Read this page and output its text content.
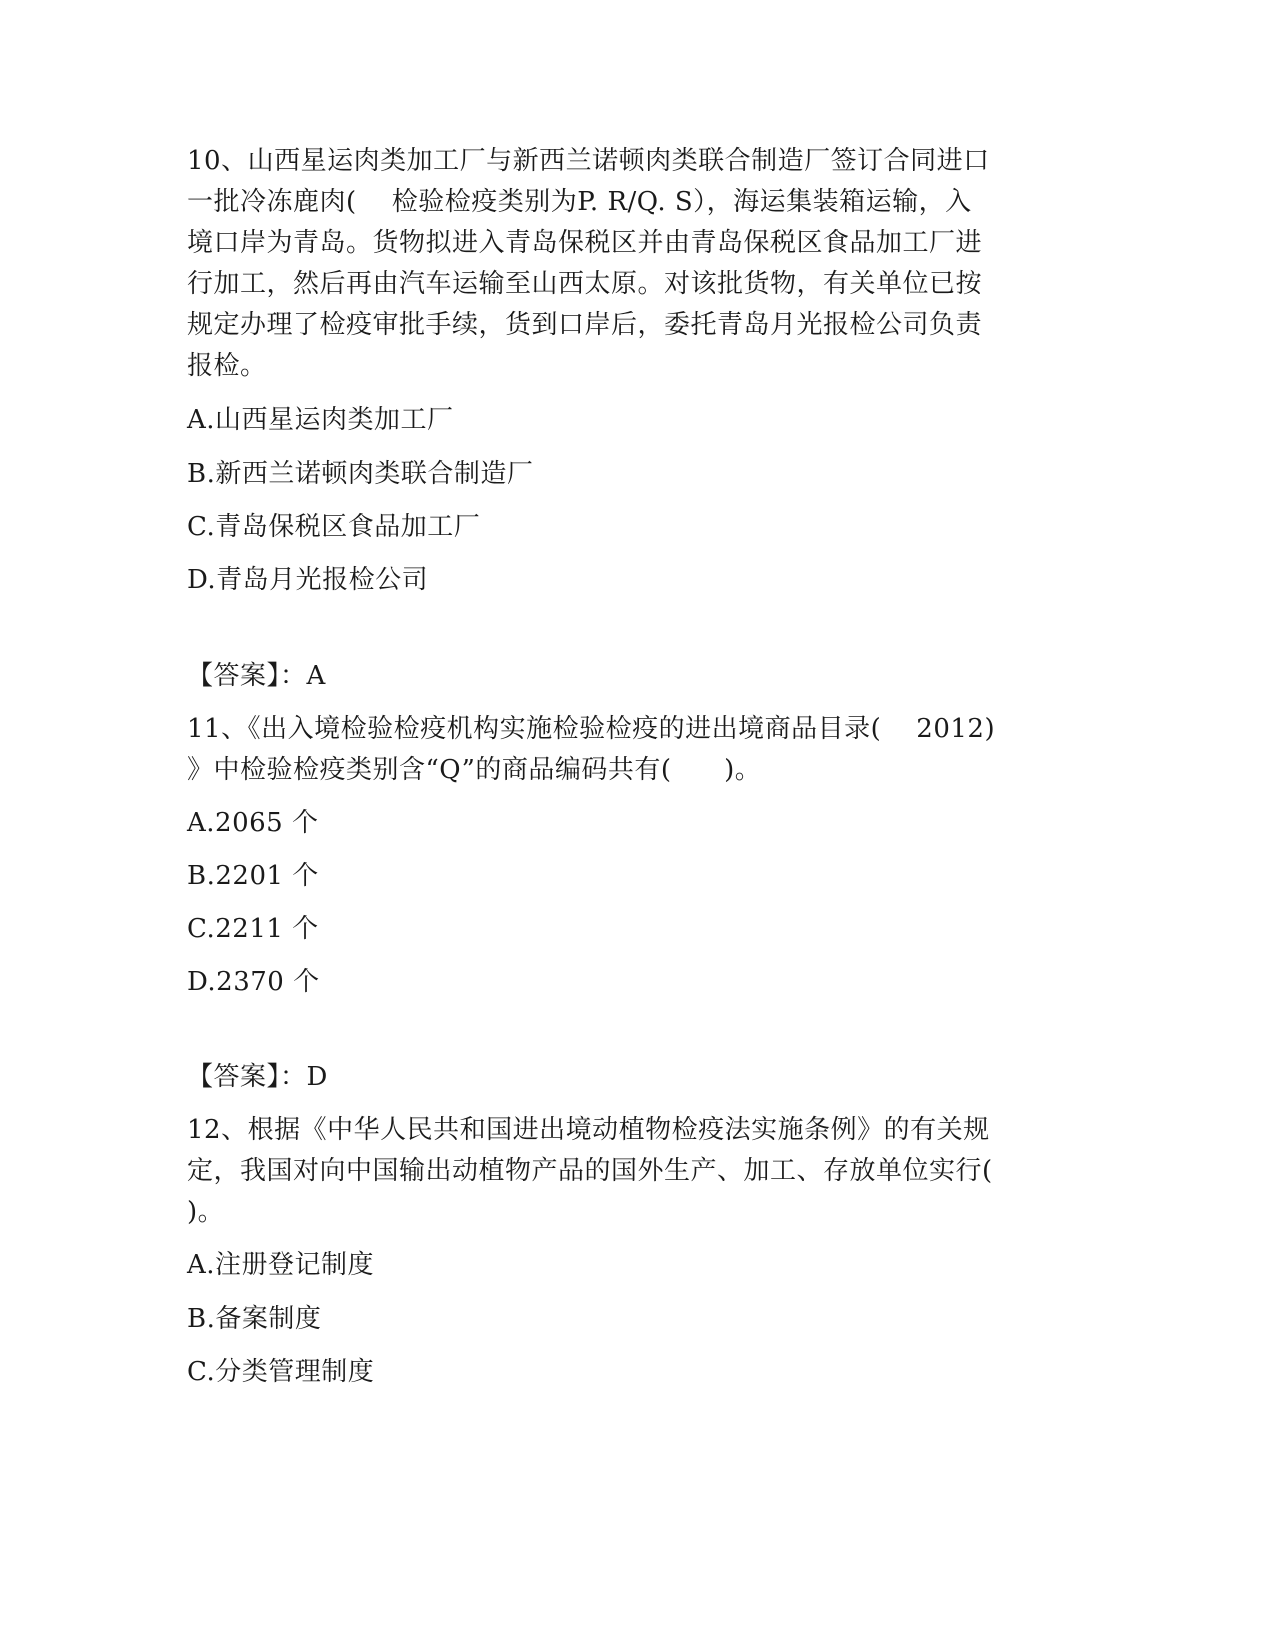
10、山西星运肉类加工厂与新西兰诺顿肉类联合制造厂签订合同进口
一批冷冻鹿肉(    检验检疫类别为P. R/Q. S），海运集装箱运输，入
境口岸为青岛。货物拟进入青岛保税区并由青岛保税区食品加工厂进
行加工，然后再由汽车运输至山西太原。对该批货物，有关单位已按
规定办理了检疫审批手续，货到口岸后，委托青岛月光报检公司负责
报检。
A.山西星运肉类加工厂
B.新西兰诺顿肉类联合制造厂
C.青岛保税区食品加工厂
D.青岛月光报检公司
【答案】：A
11、《出入境检验检疫机构实施检验检疫的进出境商品目录(    2012)
》中检验检疫类别含“Q”的商品编码共有(      )。
A.2065 个
B.2201 个
C.2211 个
D.2370 个
【答案】：D
12、根据《中华人民共和国进出境动植物检疫法实施条例》的有关规
定，我国对向中国输出动植物产品的国外生产、加工、存放单位实行(
)。
A.注册登记制度
B.备案制度
C.分类管理制度
